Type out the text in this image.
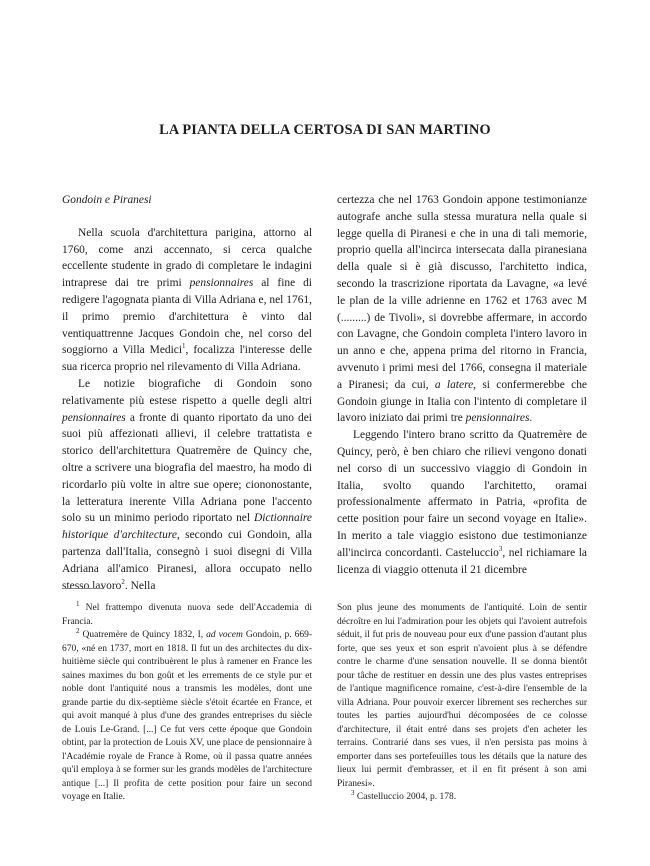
LA PIANTA DELLA CERTOSA DI SAN MARTINO

Gondoin e Piranesi

Nella scuola d'architettura parigina, attorno al 1760, come anzi accennato, si cerca qualche eccellente studente in grado di completare le indagini intraprese dai tre primi pensionnaires al fine di redigere l'agognata pianta di Villa Adriana e, nel 1761, il primo premio d'architettura è vinto dal ventiquattrenne Jacques Gondoin che, nel corso del soggiorno a Villa Medici$^1$, focalizza l'interesse delle sua ricerca proprio nel rilevamento di Villa Adriana.

Le notizie biografiche di Gondoin sono relativamente più estese rispetto a quelle degli altri pensionnaires a fronte di quanto riportato da uno dei suoi più affezionati allievi, il celebre trattatista e storico dell'architettura Quatremère de Quincy che, oltre a scrivere una biografia del maestro, ha modo di ricordarlo più volte in altre sue opere; ciononostante, la letteratura inerente Villa Adriana pone l'accento solo su un minimo periodo riportato nel Dictionnaire historique d'architecture, secondo cui Gondoin, alla partenza dall'Italia, consegnò i suoi disegni di Villa Adriana all'amico Piranesi, allora occupato nello stesso lavoro$^2$. Nella

certezza che nel 1763 Gondoin appone testimonianze autografe anche sulla stessa muratura nella quale si legge quella di Piranesi e che in una di tali memorie, proprio quella all'incirca intersecata dalla piranesiana della quale si è già discusso, l'architetto indica, secondo la trascrizione riportata da Lavagne, «a levé le plan de la ville adrienne en 1762 et 1763 avec M (.........) de Tivoli», si dovrebbe affermare, in accordo con Lavagne, che Gondoin completa l'intero lavoro in un anno e che, appena prima del ritorno in Francia, avvenuto i primi mesi del 1766, consegna il materiale a Piranesi; da cui, a latere, si confermerebbe che Gondoin giunge in Italia con l'intento di completare il lavoro iniziato dai primi tre pensionnaires.

Leggendo l'intero brano scritto da Quatremère de Quincy, però, è ben chiaro che rilievi vengono donati nel corso di un successivo viaggio di Gondoin in Italia, svolto quando l'architetto, oramai professionalmente affermato in Patria, «profita de cette position pour faire un second voyage en Italie». In merito a tale viaggio esistono due testimonianze all'incirca concordanti. Casteluccio$^3$, nel richiamare la licenza di viaggio ottenuta il 21 dicembre

$^1$ Nel frattempo divenuta nuova sede dell'Accademia di Francia.

$^2$ Quatremère de Quincy 1832, I, ad vocem Gondoin, p. 669-670, «né en 1737, mort en 1818. Il fut un des architectes du dix-huitième siècle qui contribuèrent le plus à ramener en France les saines maximes du bon goût et les errements de ce style pur et noble dont l'antiquité nous a transmis les modèles, dont une grande partie du dix-septième siècle s'étoit écartée en France, et qui avoit manqué à plus d'une des grandes entreprises du siècle de Louis Le-Grand. [...] Ce fut vers cette époque que Gondoin obtint, par la protection de Louis XV, une place de pensionnaire à l'Académie royale de France à Rome, où il passa quatre années qu'il employa à se former sur les grands modèles de l'architecture antique [...] Il profita de cette position pour faire un second voyage en Italie.

Son plus jeune des monuments de l'antiquité. Loin de sentir décroître en lui l'admiration pour les objets qui l'avoient autrefois séduit, il fut pris de nouveau pour eux d'une passion d'autant plus forte, que ses yeux et son esprit n'avoient plus à se défendre contre le charme d'une sensation nouvelle. Il se donna bientôt pour tâche de restituer en dessin une des plus vastes entreprises de l'antique magnificence romaine, c'est-à-dire l'ensemble de la villa Adriana. Pour pouvoir exercer librement ses recherches sur toutes les parties aujourd'hui décomposées de ce colosse d'architecture, il était entré dans ses projets d'en acheter les terrains. Contrarié dans ses vues, il n'en persista pas moins à emporter dans ses portefeuilles tous les détails que la nature des lieux lui permit d'embrasser, et il en fit présent à son ami Piranesi».

$^3$ Castelluccio 2004, p. 178.
